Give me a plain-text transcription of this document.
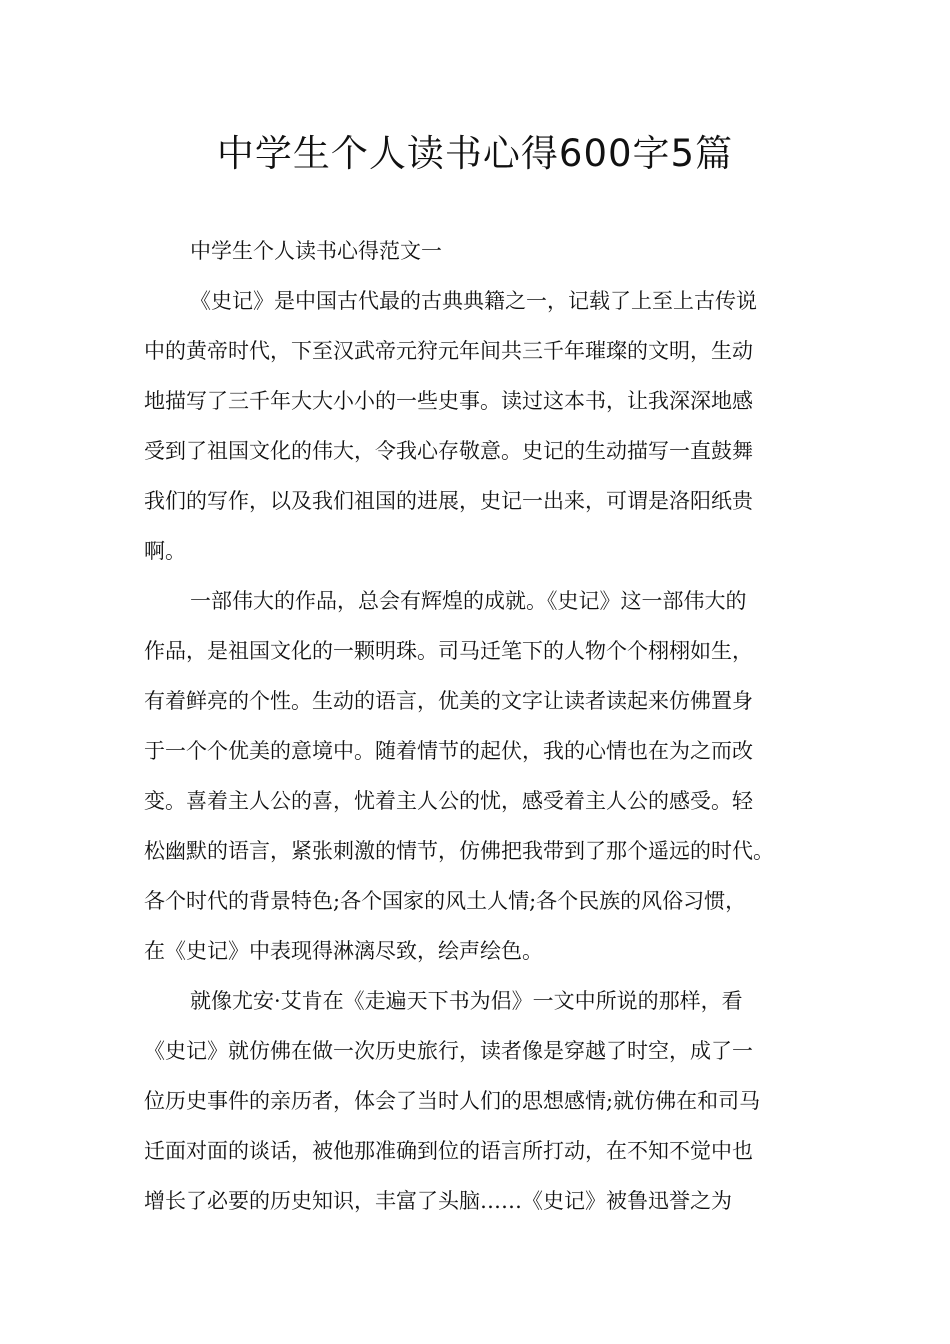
中学生个人读书心得600字5篇

中学生个人读书心得范文一

《史记》是中国古代最的古典典籍之一，记载了上至上古传说

中的黄帝时代，下至汉武帝元狩元年间共三千年璀璨的文明，生动

地描写了三千年大大小小的一些史事。读过这本书，让我深深地感

受到了祖国文化的伟大，令我心存敬意。史记的生动描写一直鼓舞

我们的写作，以及我们祖国的进展，史记一出来，可谓是洛阳纸贵

啊。

一部伟大的作品，总会有辉煌的成就。《史记》这一部伟大的

作品，是祖国文化的一颗明珠。司马迁笔下的人物个个栩栩如生，

有着鲜亮的个性。生动的语言，优美的文字让读者读起来仿佛置身

于一个个优美的意境中。随着情节的起伏，我的心情也在为之而改

变。喜着主人公的喜，忧着主人公的忧，感受着主人公的感受。轻

松幽默的语言，紧张刺激的情节，仿佛把我带到了那个遥远的时代。

各个时代的背景特色;各个国家的风土人情;各个民族的风俗习惯，

在《史记》中表现得淋漓尽致，绘声绘色。

就像尤安·艾肯在《走遍天下书为侣》一文中所说的那样，看

《史记》就仿佛在做一次历史旅行，读者像是穿越了时空，成了一

位历史事件的亲历者，体会了当时人们的思想感情;就仿佛在和司马

迁面对面的谈话，被他那准确到位的语言所打动，在不知不觉中也

增长了必要的历史知识，丰富了头脑……《史记》被鲁迅誉之为
